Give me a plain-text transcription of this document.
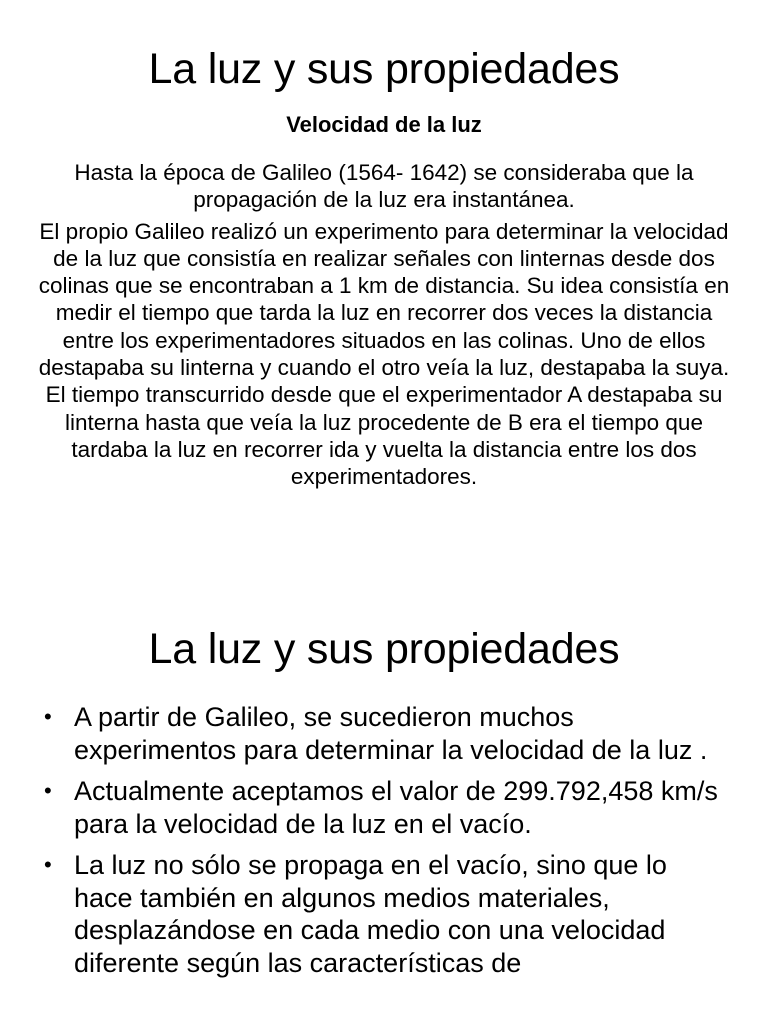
La luz y sus propiedades
Velocidad de la luz

Hasta la época de Galileo (1564- 1642) se consideraba que la propagación de la luz era instantánea.

El propio Galileo realizó un experimento para determinar la velocidad de la luz que consistía en realizar señales con linternas desde dos colinas que se encontraban a 1 km de distancia. Su idea consistía en medir el tiempo que tarda la luz en recorrer dos veces la distancia entre los experimentadores situados en las colinas. Uno de ellos destapaba su linterna y cuando el otro veía la luz, destapaba la suya. El tiempo transcurrido desde que el experimentador A destapaba su linterna hasta que veía la luz procedente de B era el tiempo que tardaba la luz en recorrer ida y vuelta la distancia entre los dos experimentadores.

La luz y sus propiedades
• A partir de Galileo, se sucedieron muchos experimentos para determinar la velocidad de la luz .
• Actualmente aceptamos el valor de 299.792,458 km/s para la velocidad de la luz en el vacío.
• La luz no sólo se propaga en el vacío, sino que lo hace también en algunos medios materiales, desplazándose en cada medio con una velocidad diferente según las características de
